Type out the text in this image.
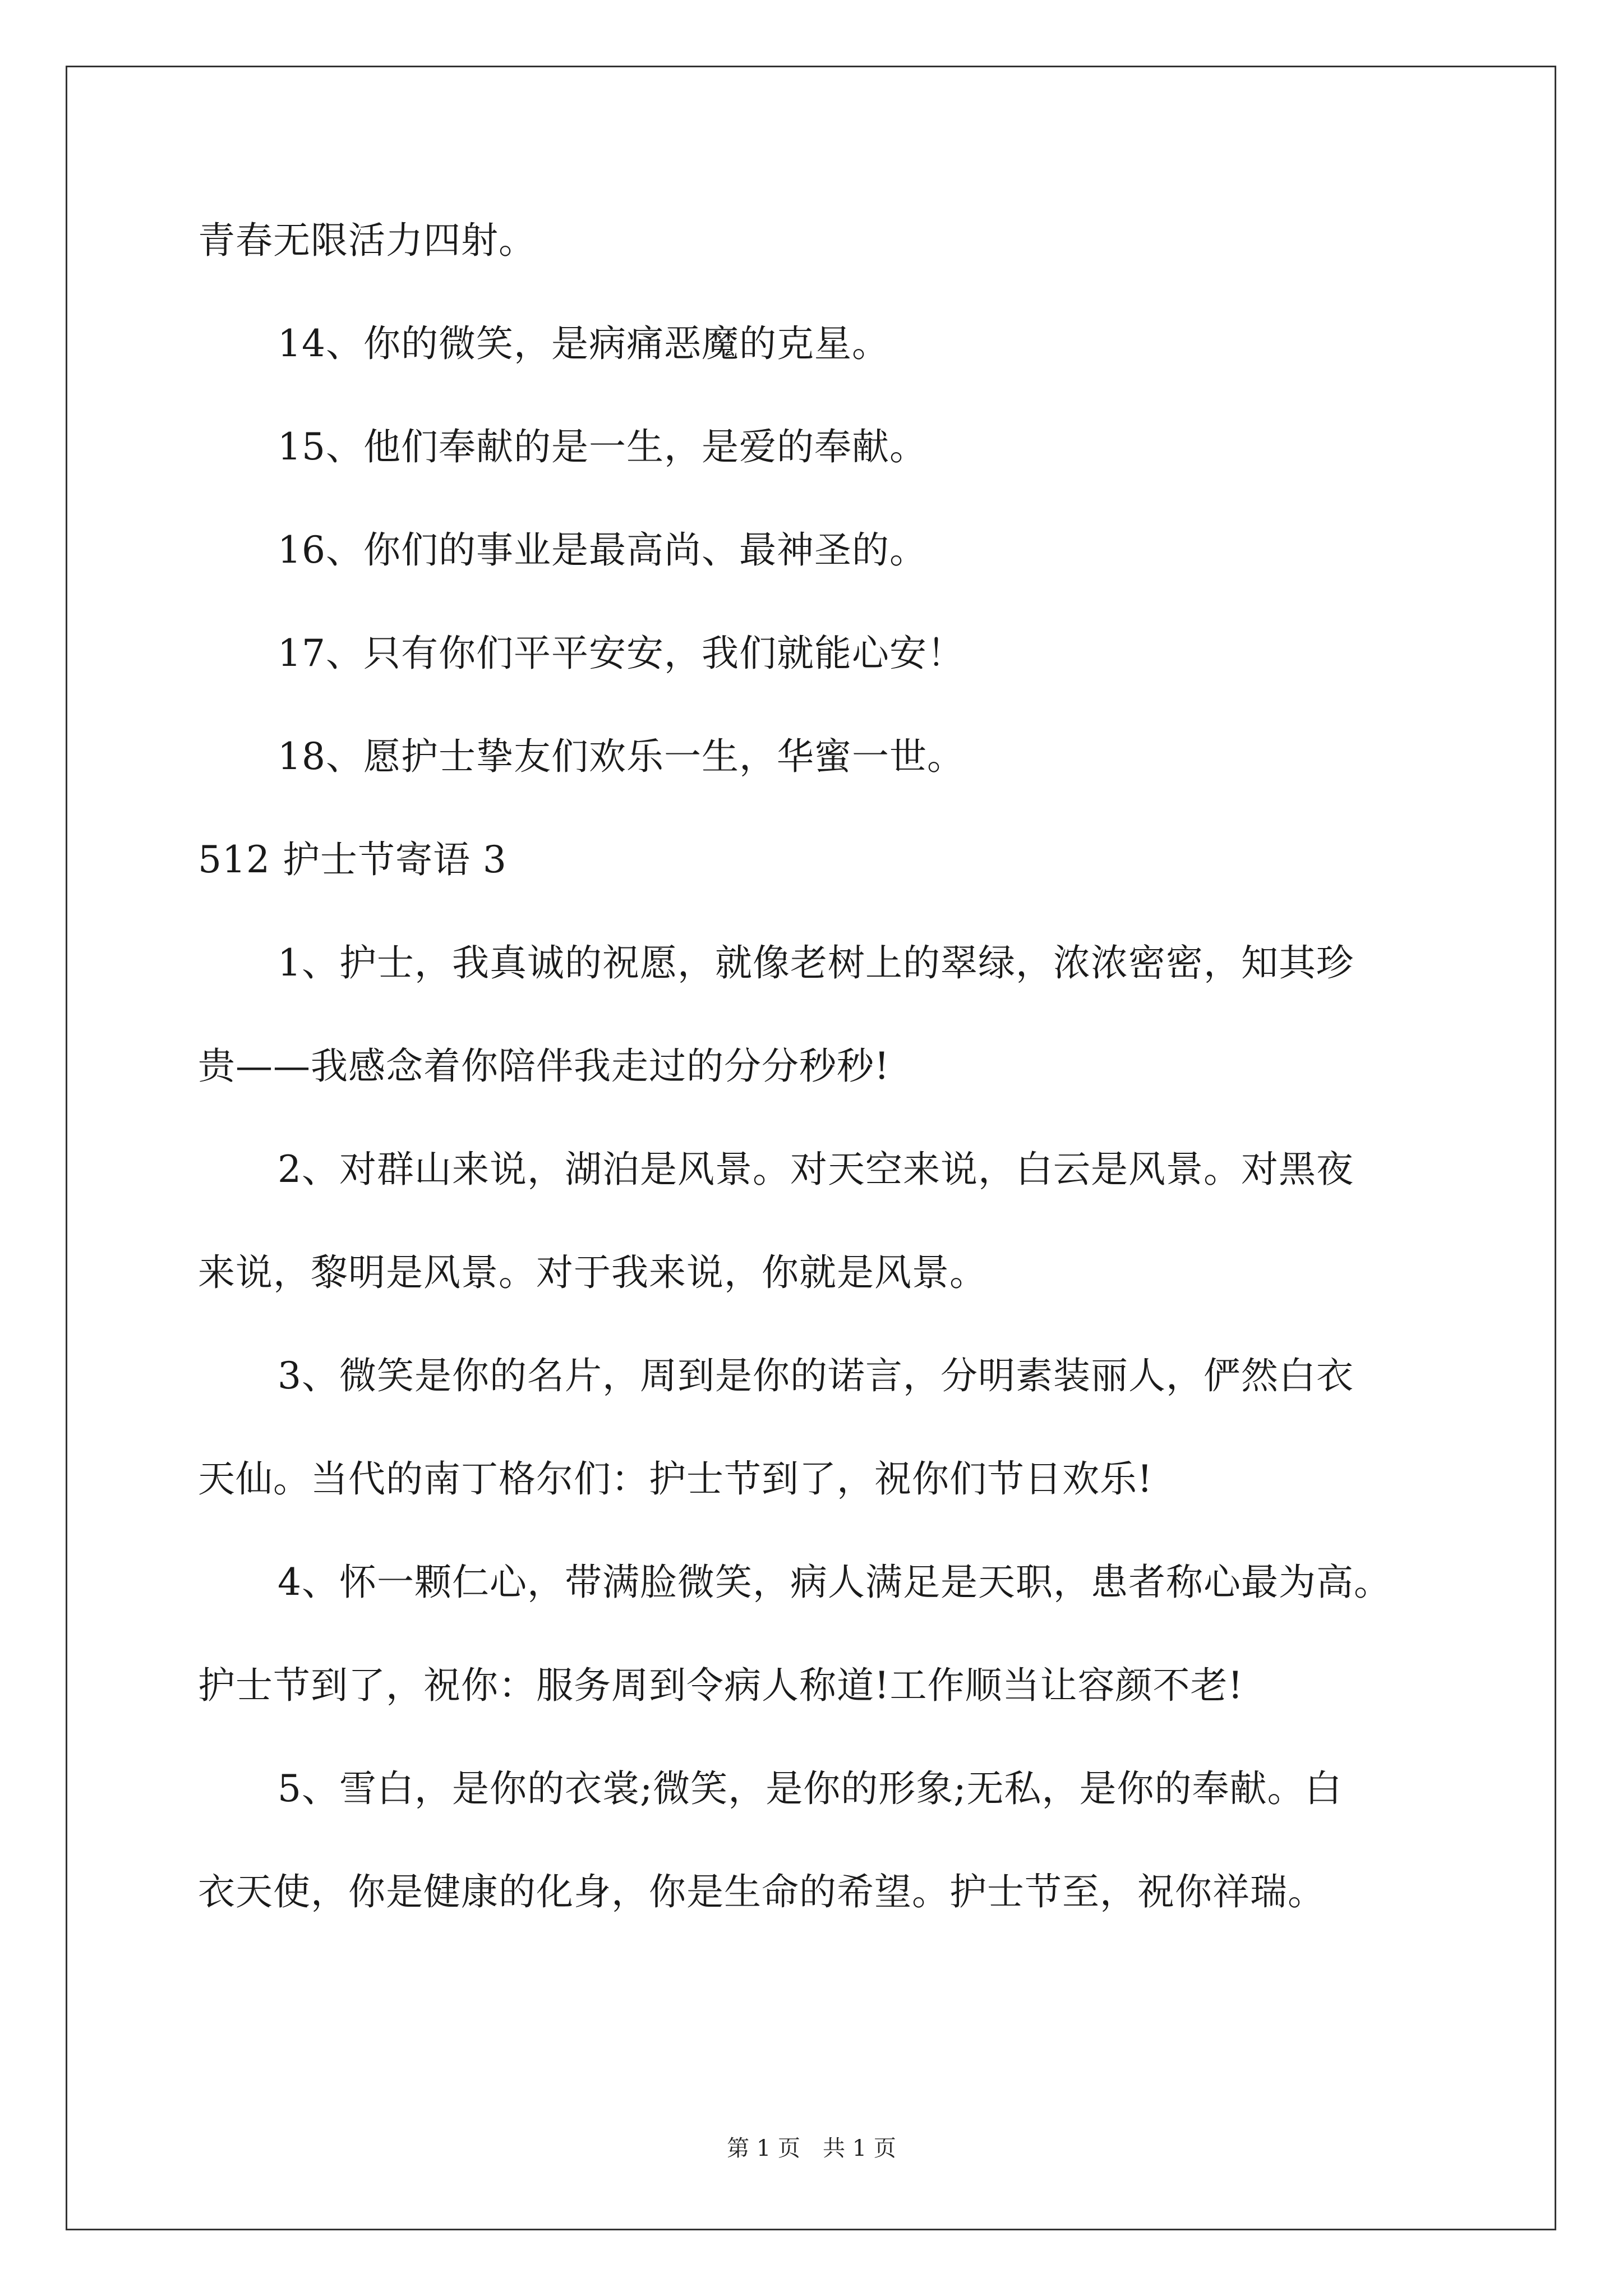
青春无限活力四射。
14、你的微笑，是病痛恶魔的克星。
15、他们奉献的是一生，是爱的奉献。
16、你们的事业是最高尚、最神圣的。
17、只有你们平平安安，我们就能心安！
18、愿护士挚友们欢乐一生，华蜜一世。
512 护士节寄语 3
1、护士，我真诚的祝愿，就像老树上的翠绿，浓浓密密，知其珍
贵——我感念着你陪伴我走过的分分秒秒!
2、对群山来说，湖泊是风景。对天空来说，白云是风景。对黑夜
来说，黎明是风景。对于我来说，你就是风景。
3、微笑是你的名片，周到是你的诺言，分明素装丽人，俨然白衣
天仙。当代的南丁格尔们：护士节到了，祝你们节日欢乐!
4、怀一颗仁心，带满脸微笑，病人满足是天职，患者称心最为高。
护士节到了，祝你：服务周到令病人称道!工作顺当让容颜不老!
5、雪白，是你的衣裳;微笑，是你的形象;无私，是你的奉献。白
衣天使，你是健康的化身，你是生命的希望。护士节至，祝你祥瑞。
第 1 页　共 1 页
